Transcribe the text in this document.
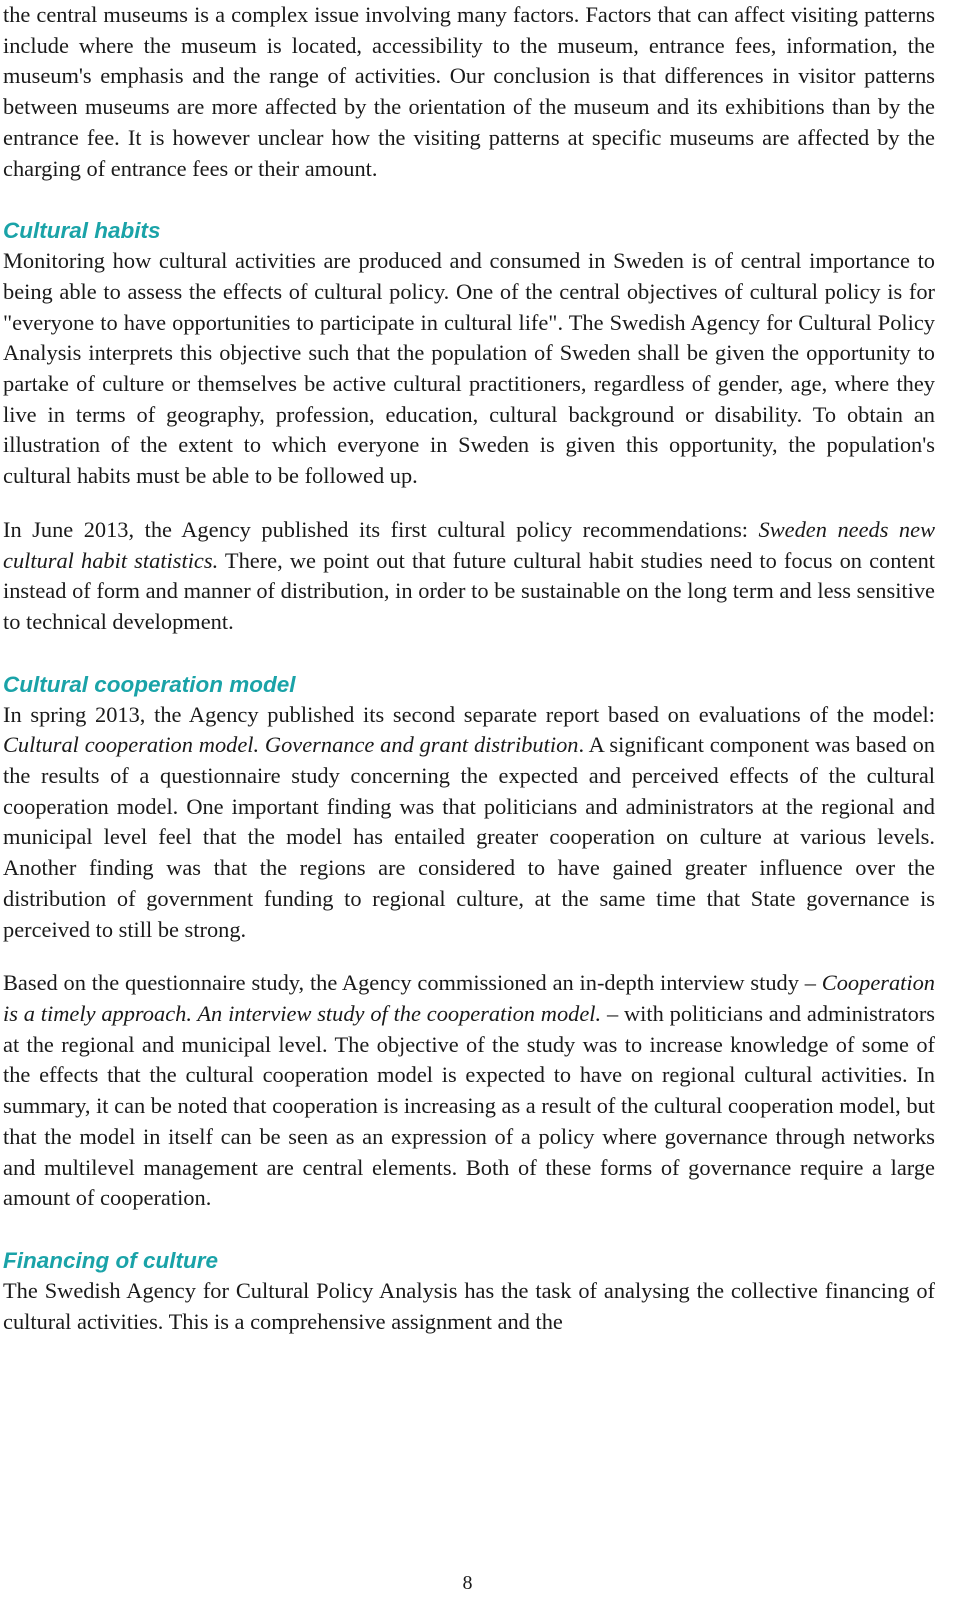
the central museums is a complex issue involving many factors. Factors that can affect visiting patterns include where the museum is located, accessibility to the museum, entrance fees, information, the museum's emphasis and the range of activities. Our conclusion is that differences in visitor patterns between museums are more affected by the orientation of the museum and its exhibitions than by the entrance fee. It is however unclear how the visiting patterns at specific museums are affected by the charging of entrance fees or their amount.

Cultural habits

Monitoring how cultural activities are produced and consumed in Sweden is of central importance to being able to assess the effects of cultural policy. One of the central objectives of cultural policy is for "everyone to have opportunities to participate in cultural life". The Swedish Agency for Cultural Policy Analysis interprets this objective such that the population of Sweden shall be given the opportunity to partake of culture or themselves be active cultural practitioners, regardless of gender, age, where they live in terms of geography, profession, education, cultural background or disability. To obtain an illustration of the extent to which everyone in Sweden is given this opportunity, the population's cultural habits must be able to be followed up.

In June 2013, the Agency published its first cultural policy recommendations: Sweden needs new cultural habit statistics. There, we point out that future cultural habit studies need to focus on content instead of form and manner of distribution, in order to be sustainable on the long term and less sensitive to technical development.

Cultural cooperation model

In spring 2013, the Agency published its second separate report based on evaluations of the model: Cultural cooperation model. Governance and grant distribution. A significant component was based on the results of a questionnaire study concerning the expected and perceived effects of the cultural cooperation model. One important finding was that politicians and administrators at the regional and municipal level feel that the model has entailed greater cooperation on culture at various levels. Another finding was that the regions are considered to have gained greater influence over the distribution of government funding to regional culture, at the same time that State governance is perceived to still be strong.

Based on the questionnaire study, the Agency commissioned an in-depth interview study – Cooperation is a timely approach. An interview study of the cooperation model. – with politicians and administrators at the regional and municipal level. The objective of the study was to increase knowledge of some of the effects that the cultural cooperation model is expected to have on regional cultural activities. In summary, it can be noted that cooperation is increasing as a result of the cultural cooperation model, but that the model in itself can be seen as an expression of a policy where governance through networks and multilevel management are central elements. Both of these forms of governance require a large amount of cooperation.

Financing of culture

The Swedish Agency for Cultural Policy Analysis has the task of analysing the collective financing of cultural activities. This is a comprehensive assignment and the

8
